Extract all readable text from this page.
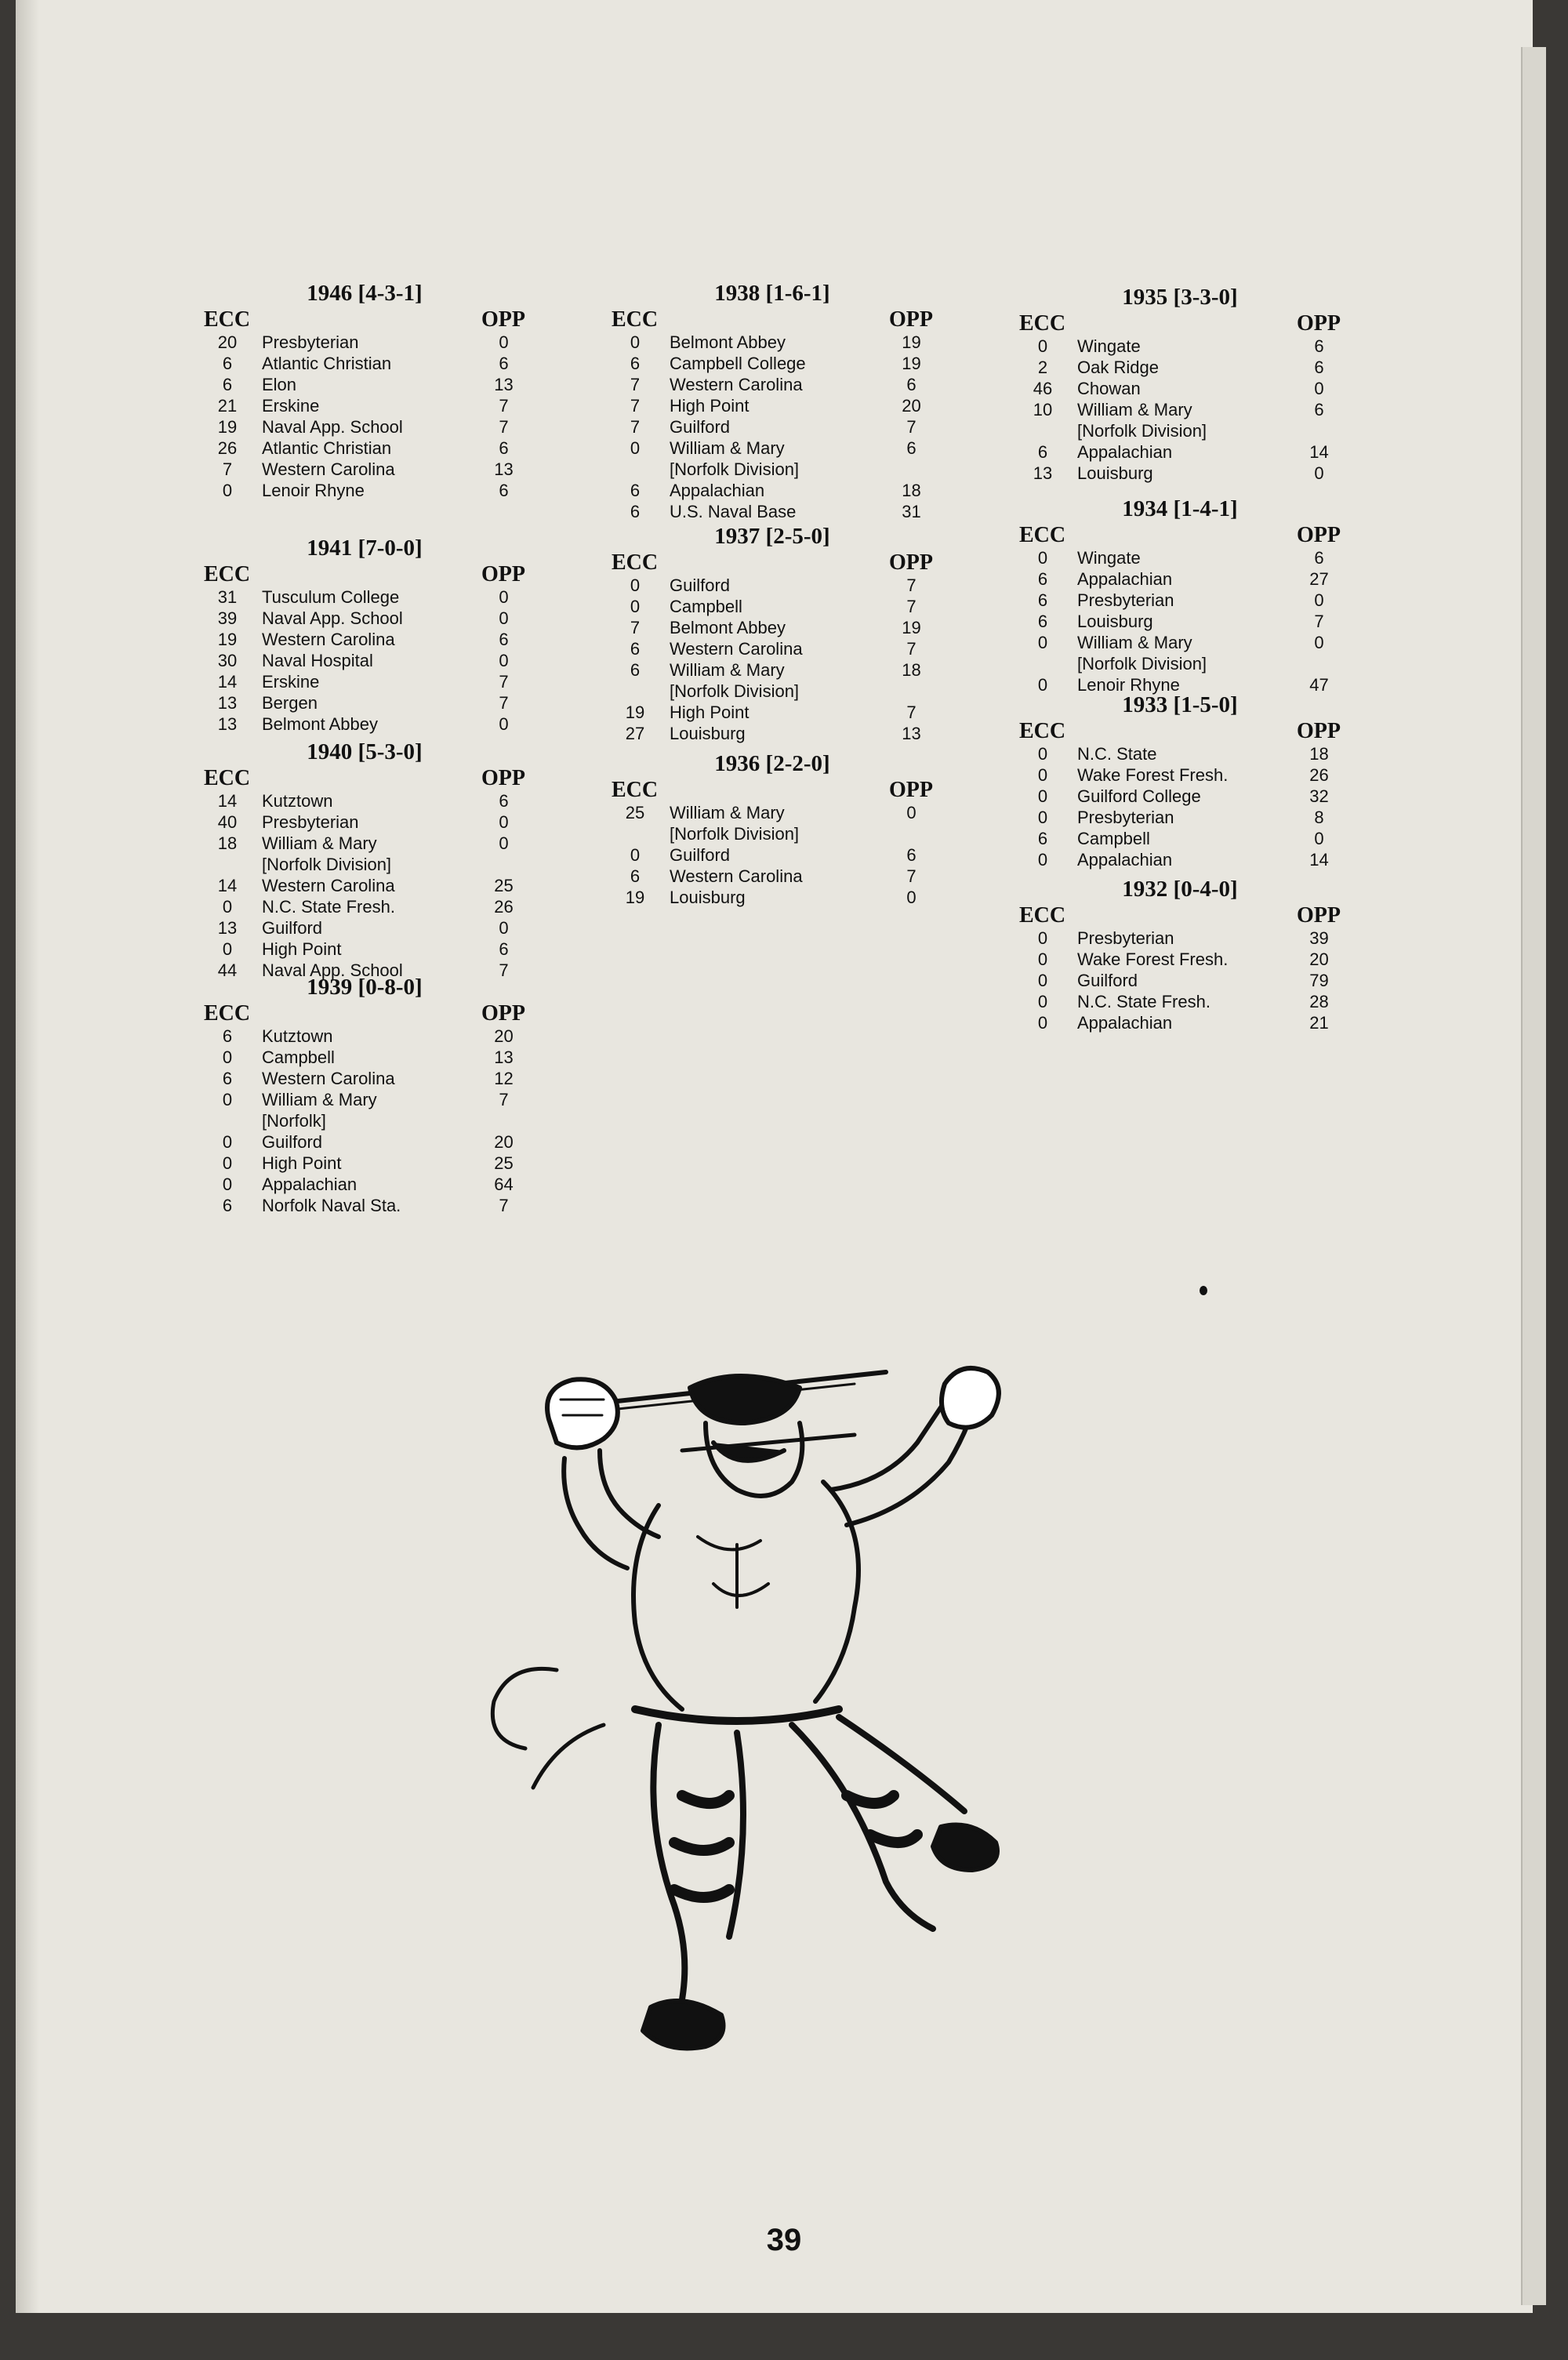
1946 [4-3-1]
ECC	OPP
20	Presbyterian	0
6	Atlantic Christian	6
6	Elon	13
21	Erskine	7
19	Naval App. School	7
26	Atlantic Christian	6
7	Western Carolina	13
0	Lenoir Rhyne	6
1941 [7-0-0]
ECC	OPP
31	Tusculum College	0
39	Naval App. School	0
19	Western Carolina	6
30	Naval Hospital	0
14	Erskine	7
13	Bergen	7
13	Belmont Abbey	0
1940 [5-3-0]
ECC	OPP
14	Kutztown	6
40	Presbyterian	0
18	William & Mary	0
[Norfolk Division]
14	Western Carolina	25
0	N.C. State Fresh.	26
13	Guilford	0
0	High Point	6
44	Naval App. School	7
1939 [0-8-0]
ECC	OPP
6	Kutztown	20
0	Campbell	13
6	Western Carolina	12
0	William & Mary	7
[Norfolk]
0	Guilford	20
0	High Point	25
0	Appalachian	64
6	Norfolk Naval Sta.	7
1938 [1-6-1]
ECC	OPP
0	Belmont Abbey	19
6	Campbell College	19
7	Western Carolina	6
7	High Point	20
7	Guilford	7
0	William & Mary	6
[Norfolk Division]
6	Appalachian	18
6	U.S. Naval Base	31
1937 [2-5-0]
ECC	OPP
0	Guilford	7
0	Campbell	7
7	Belmont Abbey	19
6	Western Carolina	7
6	William & Mary	18
[Norfolk Division]
19	High Point	7
27	Louisburg	13
1936 [2-2-0]
ECC	OPP
25	William & Mary	0
[Norfolk Division]
0	Guilford	6
6	Western Carolina	7
19	Louisburg	0
1935 [3-3-0]
ECC	OPP
0	Wingate	6
2	Oak Ridge	6
46	Chowan	0
10	William & Mary	6
[Norfolk Division]
6	Appalachian	14
13	Louisburg	0
1934 [1-4-1]
ECC	OPP
0	Wingate	6
6	Appalachian	27
6	Presbyterian	0
6	Louisburg	7
0	William & Mary	0
[Norfolk Division]
0	Lenoir Rhyne	47
1933 [1-5-0]
ECC	OPP
0	N.C. State	18
0	Wake Forest Fresh.	26
0	Guilford College	32
0	Presbyterian	8
6	Campbell	0
0	Appalachian	14
1932 [0-4-0]
ECC	OPP
0	Presbyterian	39
0	Wake Forest Fresh.	20
0	Guilford	79
0	N.C. State Fresh.	28
0	Appalachian	21
39
